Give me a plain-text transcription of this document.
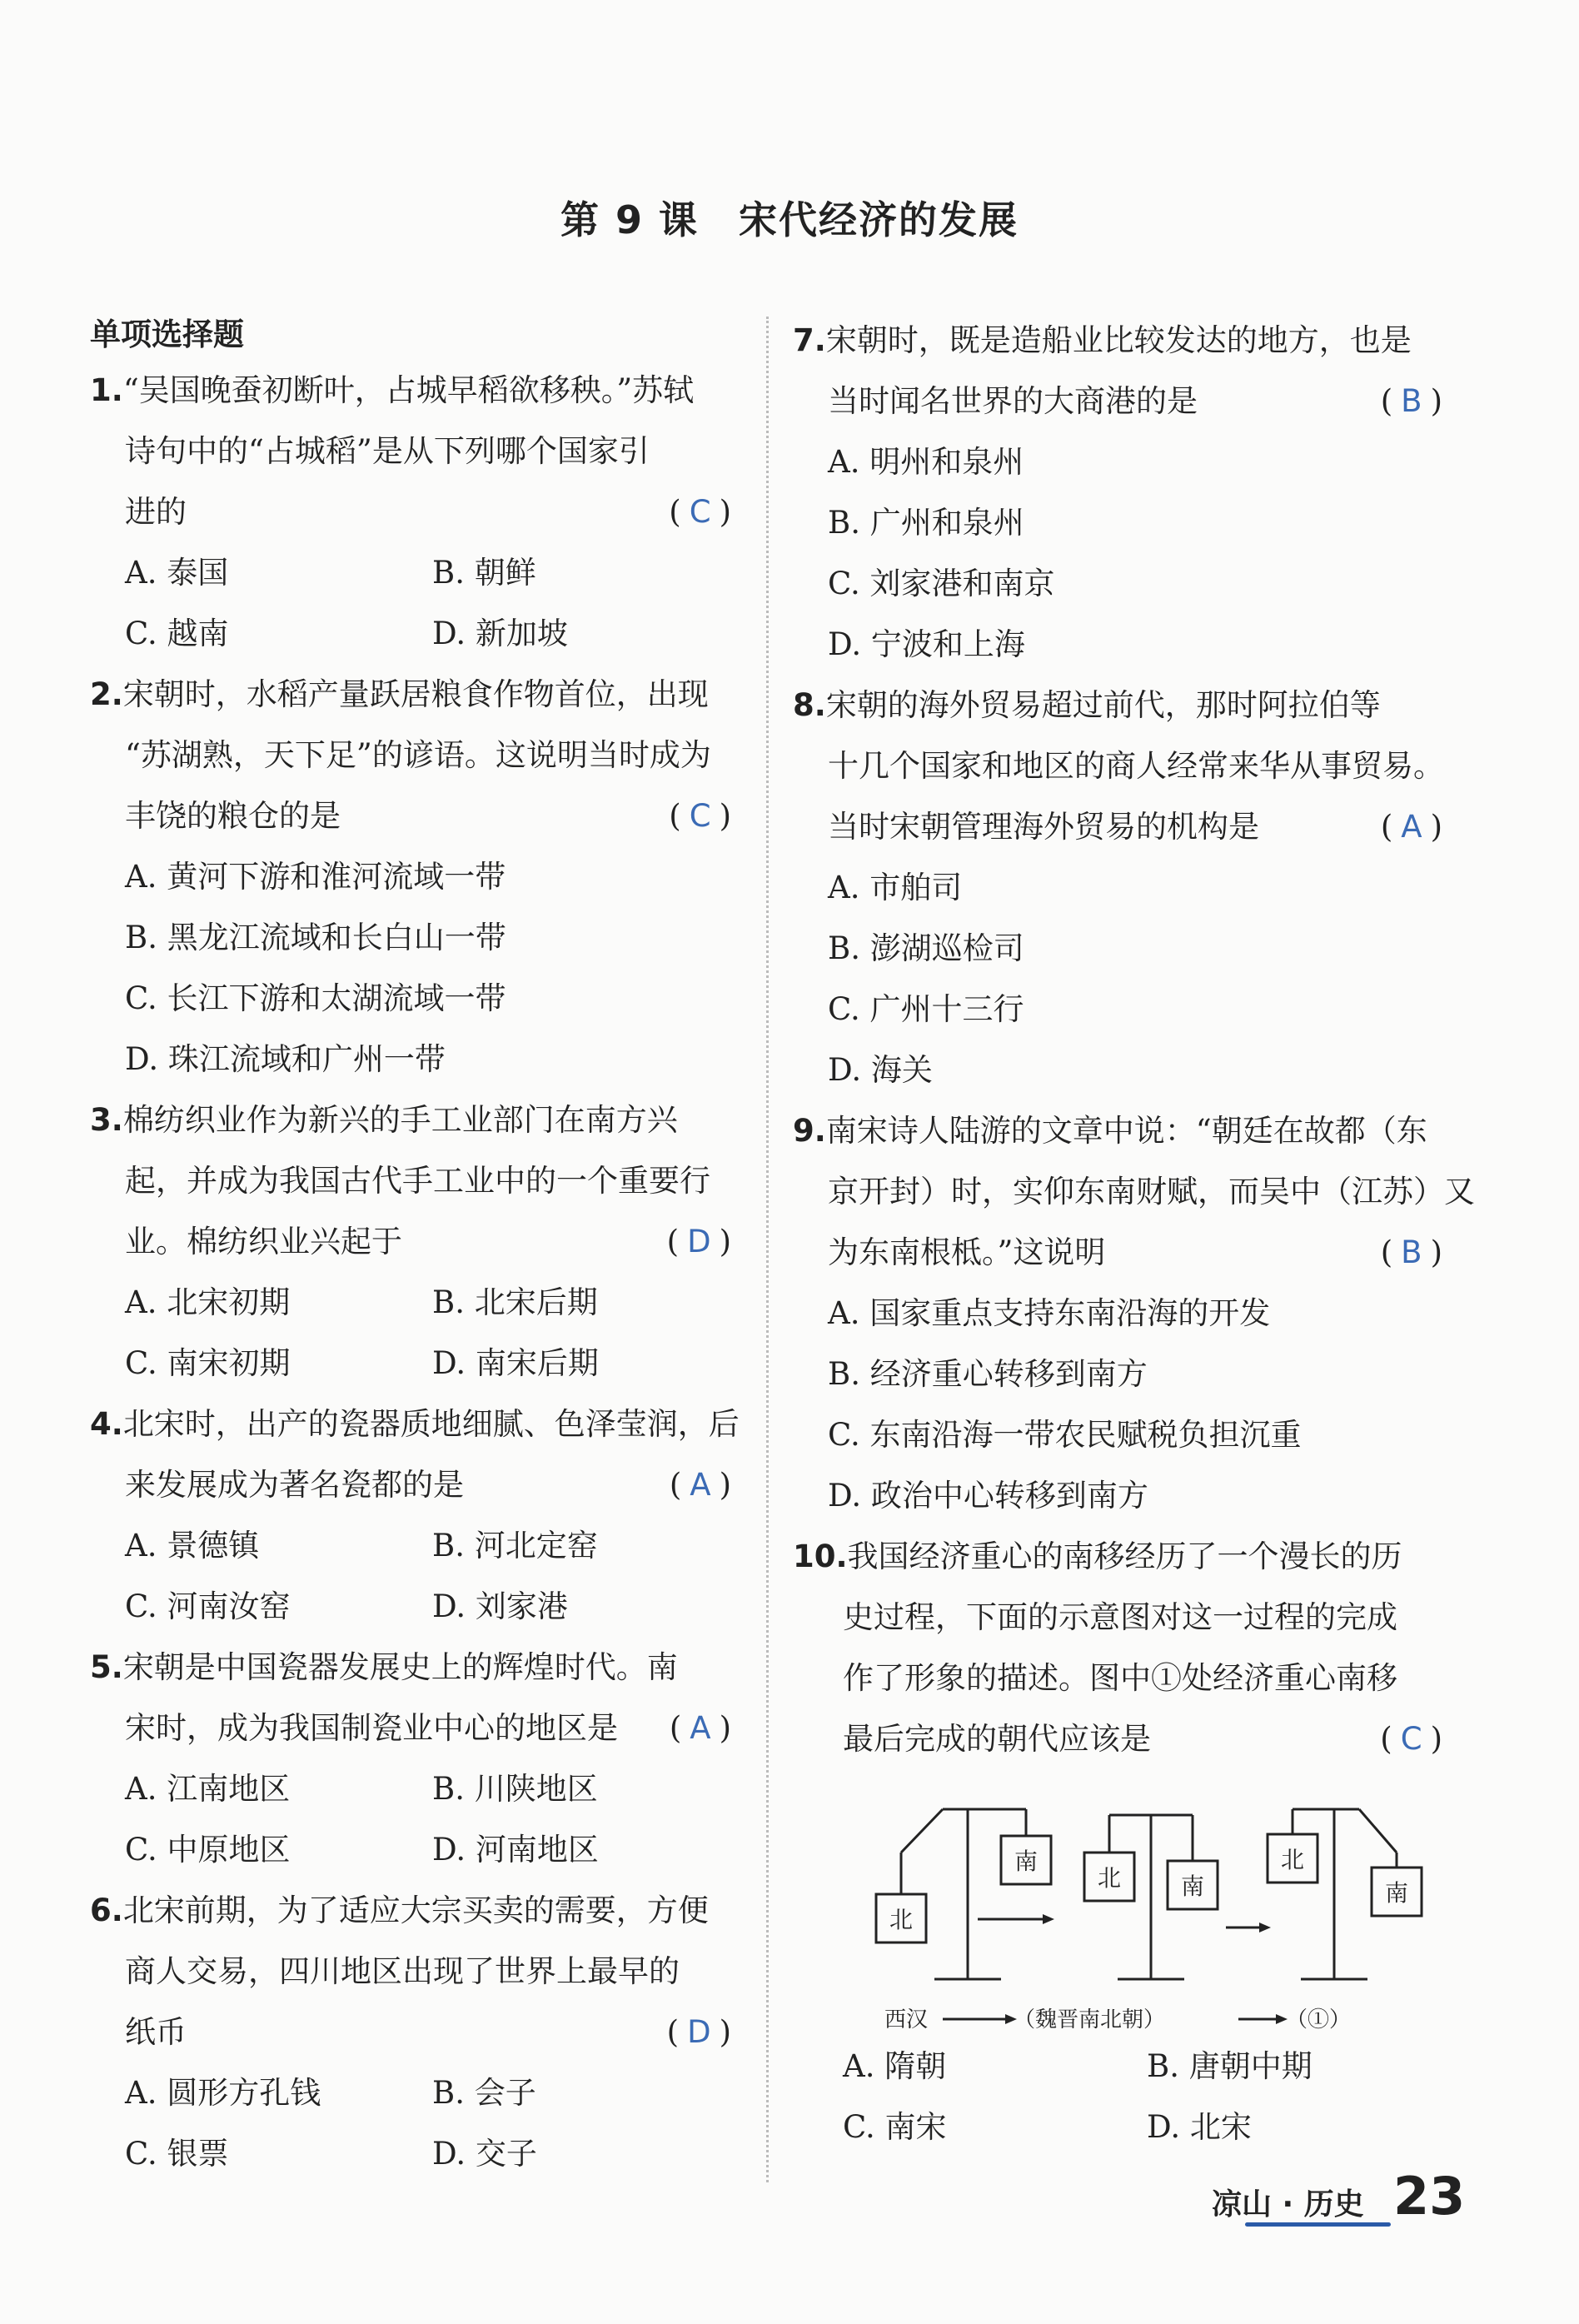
第 9 课　宋代经济的发展
单项选择题
1.“吴国晚蚕初断叶，占城早稻欲移秧。”苏轼
诗句中的“占城稻”是从下列哪个国家引
进的	(C)
A. 泰国	B. 朝鲜
C. 越南	D. 新加坡
2.宋朝时，水稻产量跃居粮食作物首位，出现
“苏湖熟，天下足”的谚语。这说明当时成为
丰饶的粮仓的是	(C)
A. 黄河下游和淮河流域一带
B. 黑龙江流域和长白山一带
C. 长江下游和太湖流域一带
D. 珠江流域和广州一带
3.棉纺织业作为新兴的手工业部门在南方兴
起，并成为我国古代手工业中的一个重要行
业。棉纺织业兴起于	(D)
A. 北宋初期	B. 北宋后期
C. 南宋初期	D. 南宋后期
4.北宋时，出产的瓷器质地细腻、色泽莹润，后
来发展成为著名瓷都的是	(A)
A. 景德镇	B. 河北定窑
C. 河南汝窑	D. 刘家港
5.宋朝是中国瓷器发展史上的辉煌时代。南
宋时，成为我国制瓷业中心的地区是 (A)
A. 江南地区	B. 川陕地区
C. 中原地区	D. 河南地区
6.北宋前期，为了适应大宗买卖的需要，方便
商人交易，四川地区出现了世界上最早的
纸币	(D)
A. 圆形方孔钱	B. 会子
C. 银票	D. 交子
7.宋朝时，既是造船业比较发达的地方，也是
当时闻名世界的大商港的是	(B)
A. 明州和泉州
B. 广州和泉州
C. 刘家港和南京
D. 宁波和上海
8.宋朝的海外贸易超过前代，那时阿拉伯等
十几个国家和地区的商人经常来华从事贸易。
当时宋朝管理海外贸易的机构是	(A)
A. 市舶司
B. 澎湖巡检司
C. 广州十三行
D. 海关
9.南宋诗人陆游的文章中说：“朝廷在故都（东
京开封）时，实仰东南财赋，而吴中（江苏）又
为东南根柢。”这说明	(B)
A. 国家重点支持东南沿海的开发
B. 经济重心转移到南方
C. 东南沿海一带农民赋税负担沉重
D. 政治中心转移到南方
10.我国经济重心的南移经历了一个漫长的历
史过程，下面的示意图对这一过程的完成
作了形象的描述。图中①处经济重心南移
最后完成的朝代应该是	(C)
南
北
北	南
北
南
西汉	（魏晋南北朝）	（①）
A. 隋朝	B. 唐朝中期
C. 南宋	D. 北宋
凉山 · 历史 23
